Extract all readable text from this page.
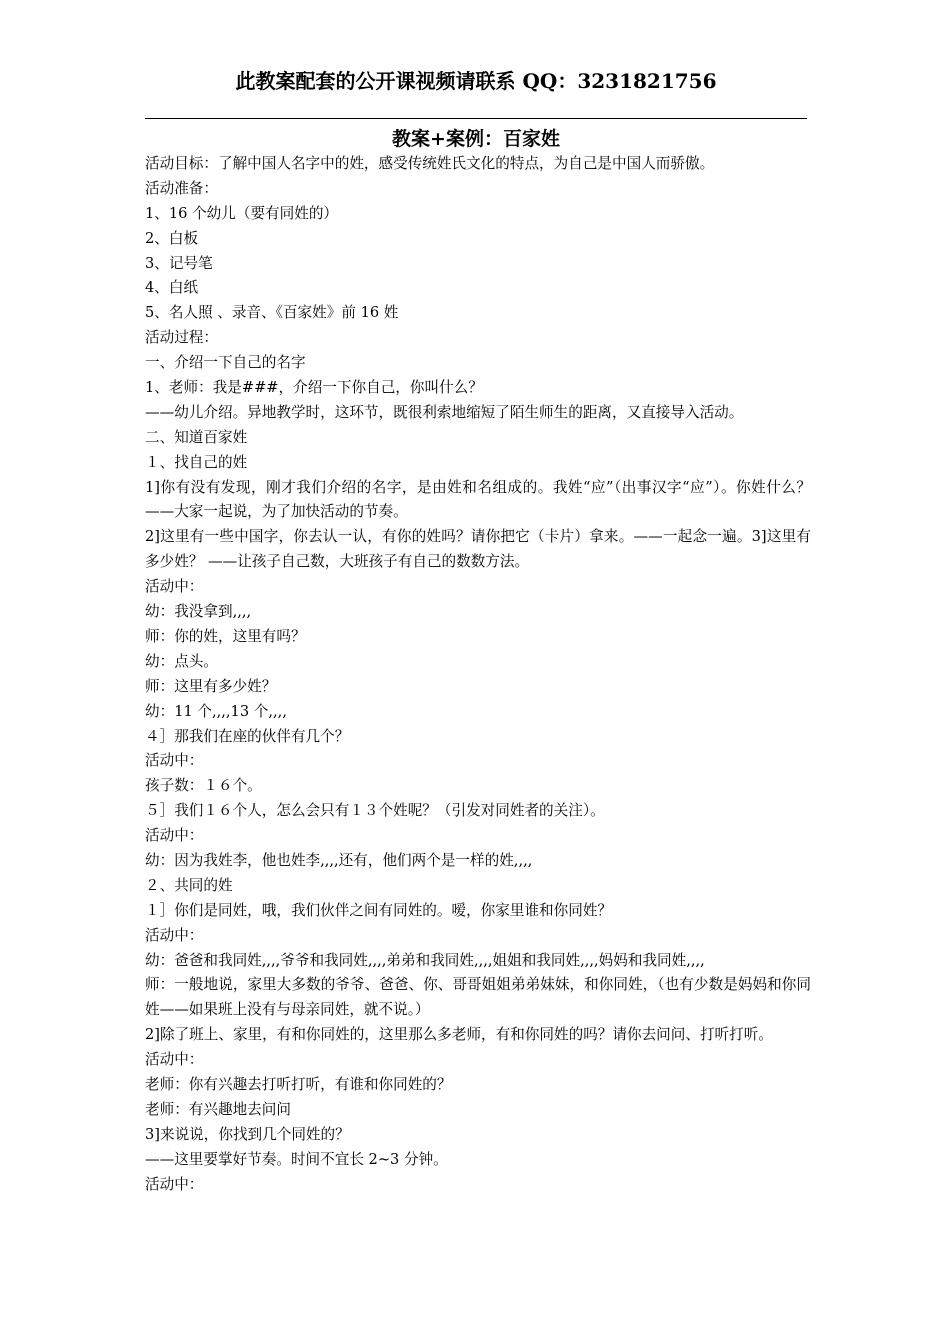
此教案配套的公开课视频请联系 QQ：3231821756
教案+案例：百家姓
活动目标：了解中国人名字中的姓，感受传统姓氏文化的特点，为自己是中国人而骄傲。
活动准备：
1、16 个幼儿（要有同姓的）
2、白板
3、记号笔
4、白纸
5、名人照 、录音、《百家姓》前 16 姓
活动过程：
一、介绍一下自己的名字
1、老师：我是###，介绍一下你自己，你叫什么？
——幼儿介绍。异地教学时，这环节，既很利索地缩短了陌生师生的距离，又直接导入活动。
二、知道百家姓
１、找自己的姓
1]你有没有发现，刚才我们介绍的名字，是由姓和名组成的。我姓“应”（出事汉字“应”）。你姓什么？ ——大家一起说，为了加快活动的节奏。
2]这里有一些中国字，你去认一认，有你的姓吗？请你把它（卡片）拿来。——一起念一遍。3]这里有多少姓？ ——让孩子自己数，大班孩子有自己的数数方法。
活动中：
幼：我没拿到,,,,
师：你的姓，这里有吗？
幼：点头。
师：这里有多少姓？
幼：11 个,,,,13 个,,,,
４］那我们在座的伙伴有几个？
活动中：
孩子数：１６个。
５］我们１６个人，怎么会只有１３个姓呢？（引发对同姓者的关注）。
活动中：
幼：因为我姓李，他也姓李,,,,还有，他们两个是一样的姓,,,,
２、共同的姓
１］你们是同姓，哦，我们伙伴之间有同姓的。嗳，你家里谁和你同姓？
活动中：
幼：爸爸和我同姓,,,,爷爷和我同姓,,,,弟弟和我同姓,,,,姐姐和我同姓,,,,妈妈和我同姓,,,,
师：一般地说，家里大多数的爷爷、爸爸、你、哥哥姐姐弟弟妹妹，和你同姓，（也有少数是妈妈和你同姓——如果班上没有与母亲同姓，就不说。）
2]除了班上、家里，有和你同姓的，这里那么多老师，有和你同姓的吗？请你去问问、打听打听。
活动中：
老师：你有兴趣去打听打听，有谁和你同姓的？
老师：有兴趣地去问问
3]来说说，你找到几个同姓的？
——这里要掌好节奏。时间不宜长 2~3 分钟。
活动中：
